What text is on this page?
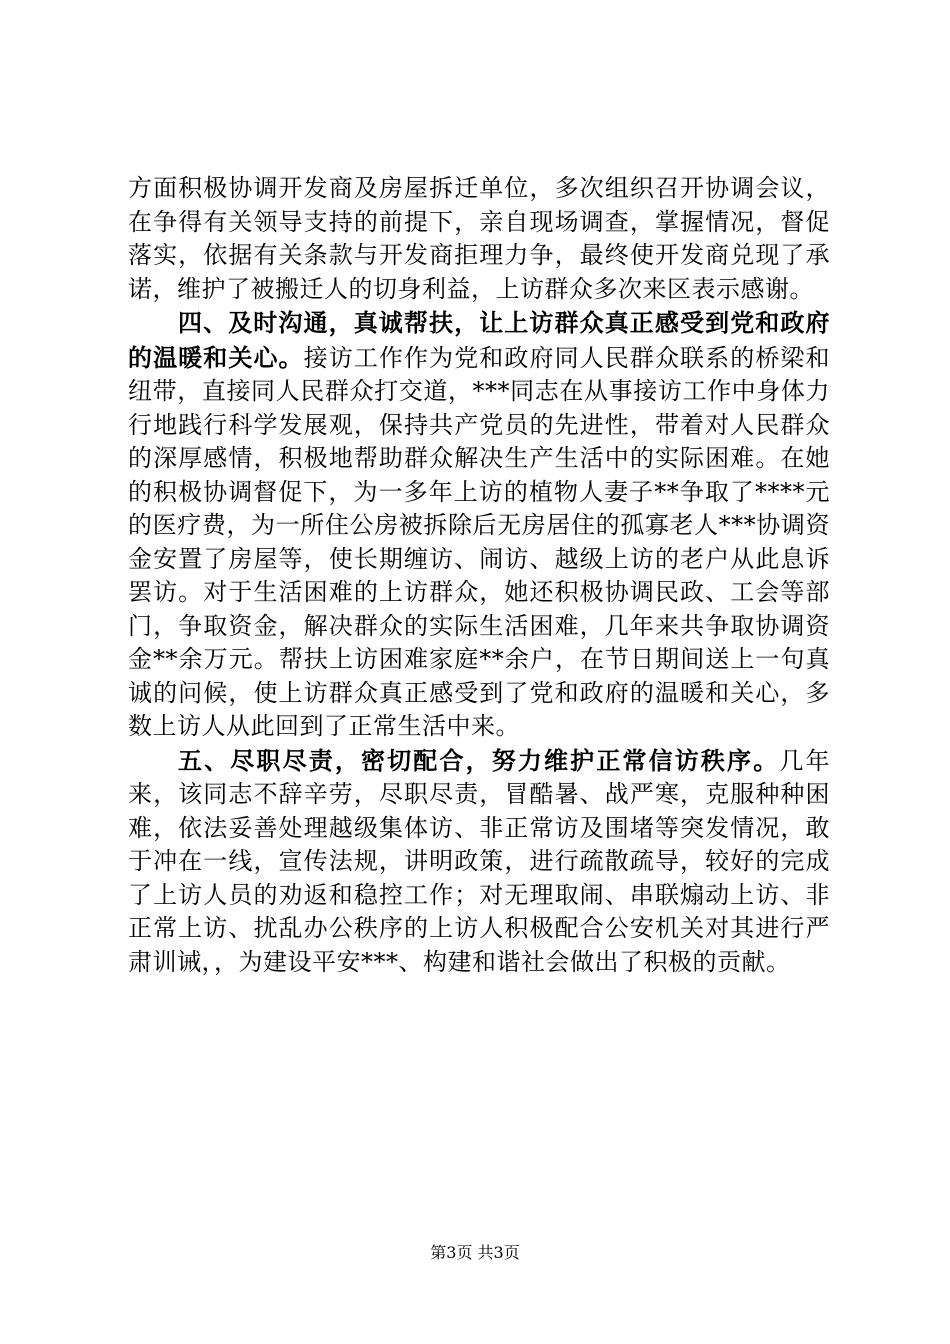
方面积极协调开发商及房屋拆迁单位，多次组织召开协调会议，在争得有关领导支持的前提下，亲自现场调查，掌握情况，督促落实，依据有关条款与开发商拒理力争，最终使开发商兑现了承诺，维护了被搬迁人的切身利益，上访群众多次来区表示感谢。

四、及时沟通，真诚帮扶，让上访群众真正感受到党和政府的温暖和关心。接访工作作为党和政府同人民群众联系的桥梁和纽带，直接同人民群众打交道，***同志在从事接访工作中身体力行地践行科学发展观，保持共产党员的先进性，带着对人民群众的深厚感情，积极地帮助群众解决生产生活中的实际困难。在她的积极协调督促下，为一多年上访的植物人妻子**争取了****元的医疗费，为一所住公房被拆除后无房居住的孤寡老人***协调资金安置了房屋等，使长期缠访、闹访、越级上访的老户从此息诉罢访。对于生活困难的上访群众，她还积极协调民政、工会等部门，争取资金，解决群众的实际生活困难，几年来共争取协调资金**余万元。帮扶上访困难家庭**余户，在节日期间送上一句真诚的问候，使上访群众真正感受到了党和政府的温暖和关心，多数上访人从此回到了正常生活中来。

五、尽职尽责，密切配合，努力维护正常信访秩序。几年来，该同志不辞辛劳，尽职尽责，冒酷暑、战严寒，克服种种困难，依法妥善处理越级集体访、非正常访及围堵等突发情况，敢于冲在一线，宣传法规，讲明政策，进行疏散疏导，较好的完成了上访人员的劝返和稳控工作；对无理取闹、串联煽动上访、非正常上访、扰乱办公秩序的上访人积极配合公安机关对其进行严肃训诫，，为建设平安***、构建和谐社会做出了积极的贡献。

第3页 共3页
